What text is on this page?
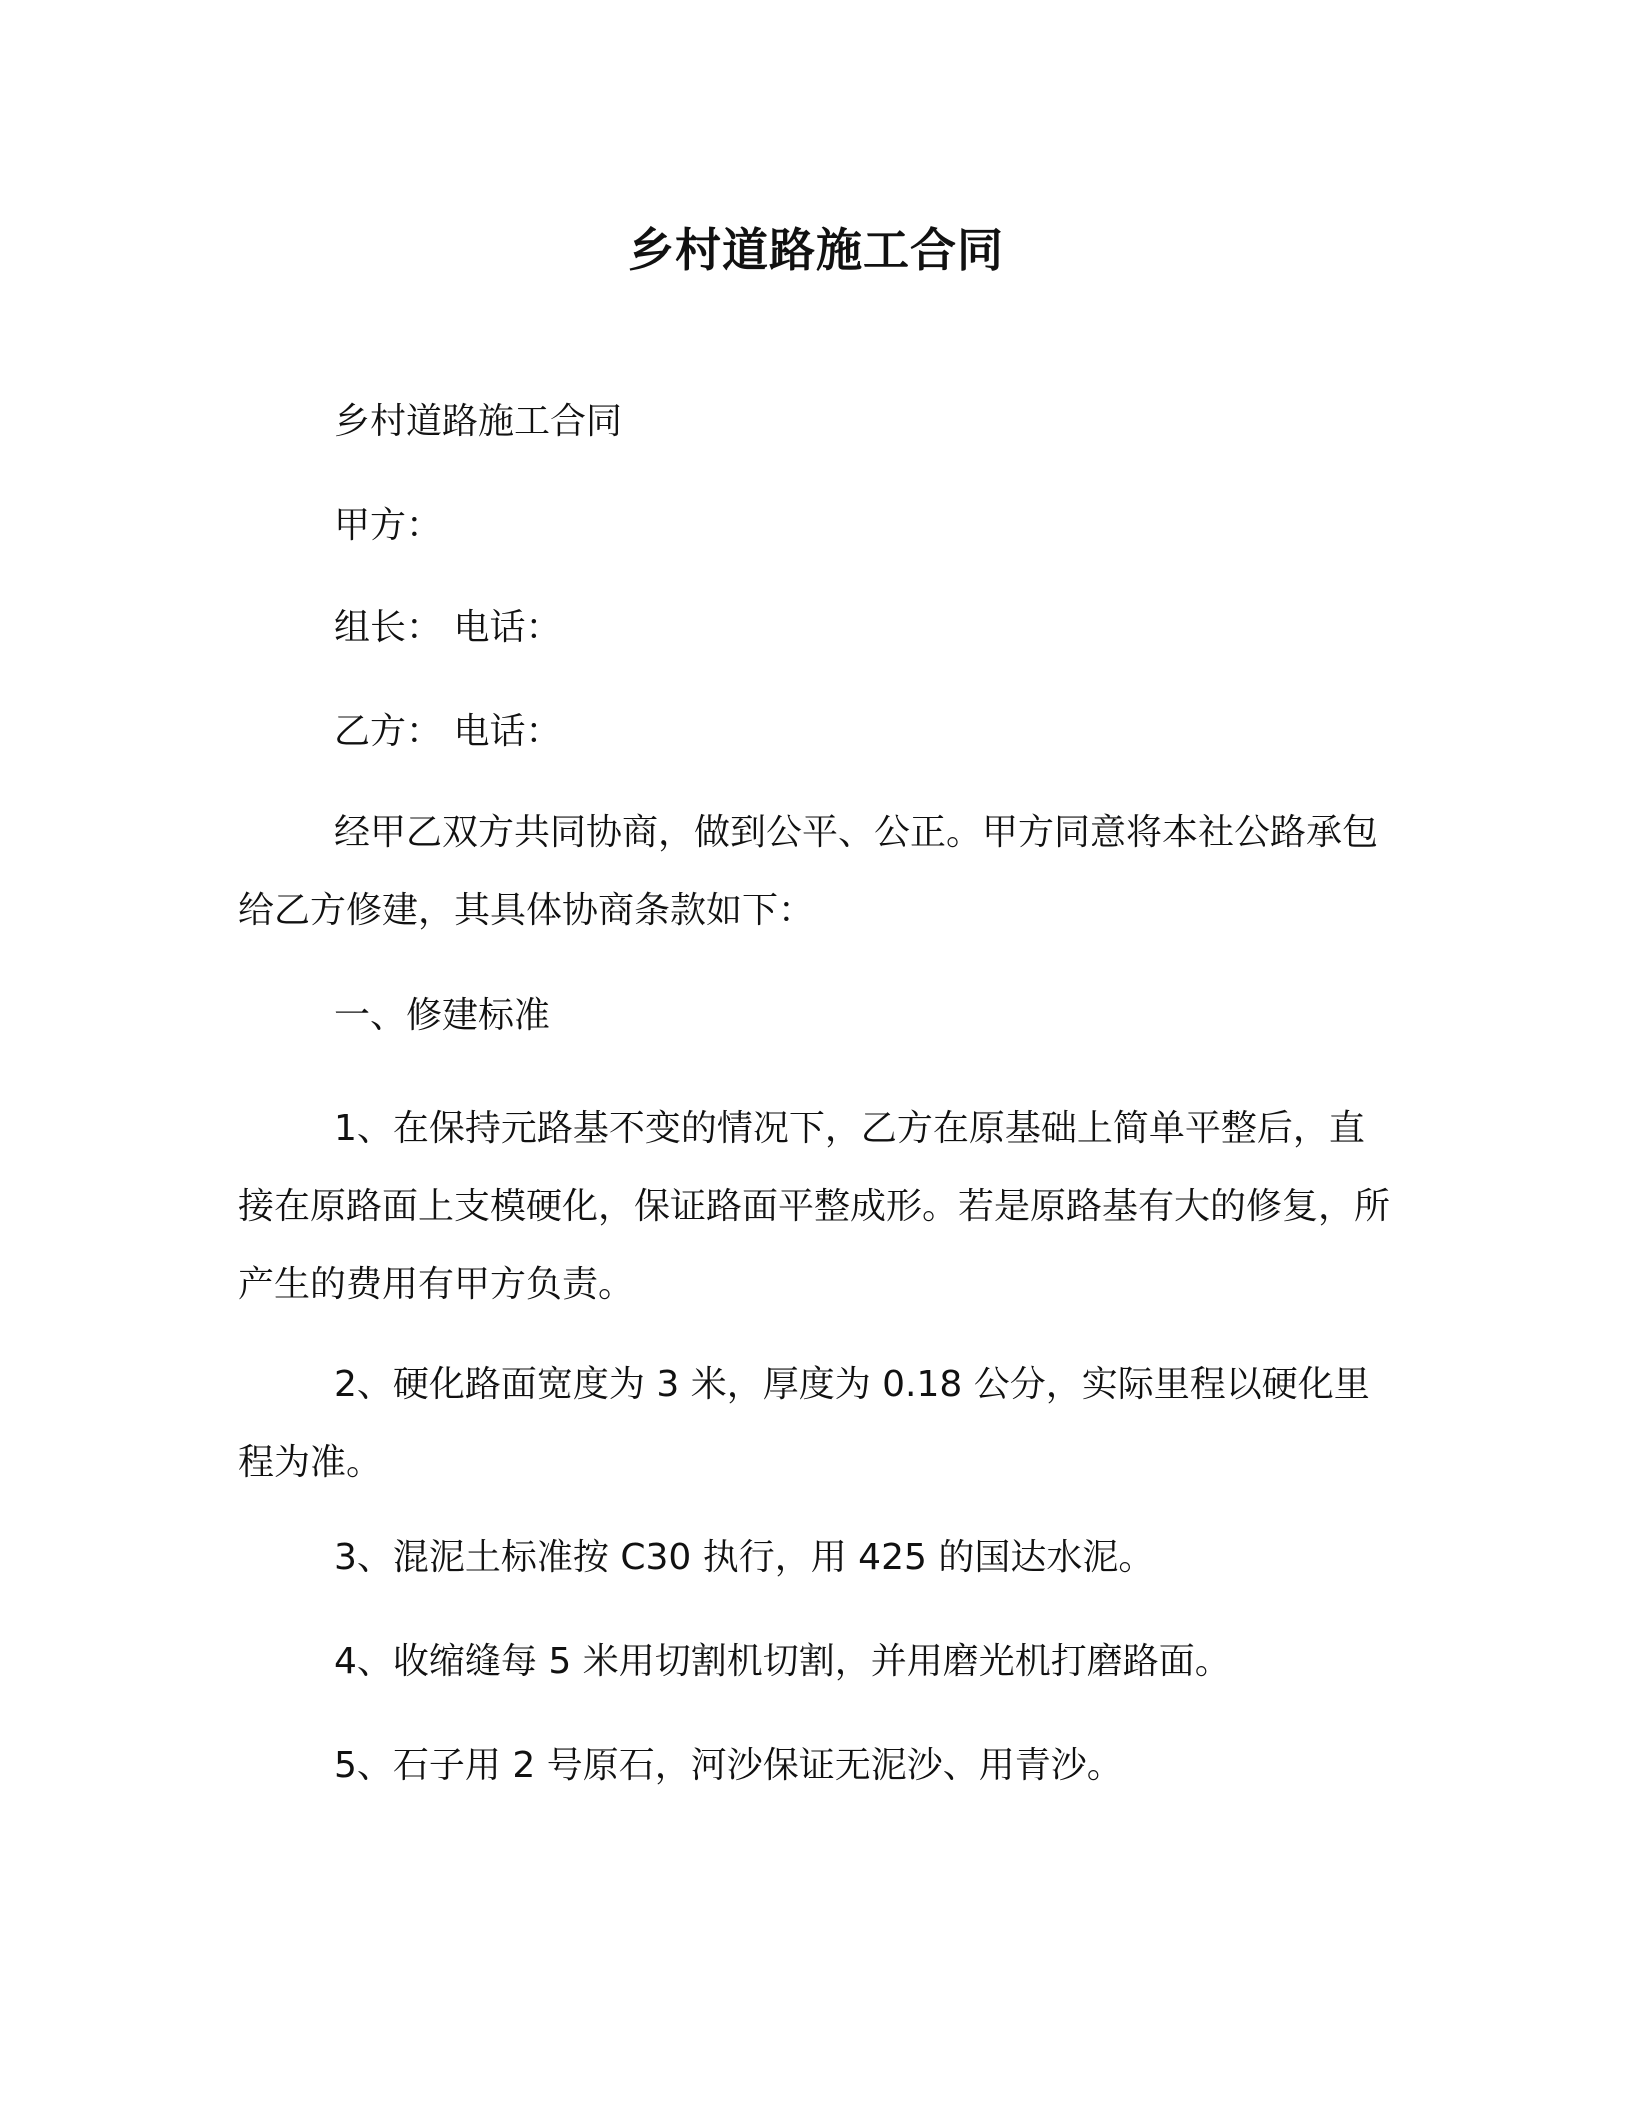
乡村道路施工合同
乡村道路施工合同
甲方：
组长： 电话：
乙方： 电话：

经甲乙双方共同协商，做到公平、公正。甲方同意将本社公路承包给乙方修建，其具体协商条款如下：

一、修建标准

1、在保持元路基不变的情况下，乙方在原基础上简单平整后，直接在原路面上支模硬化，保证路面平整成形。若是原路基有大的修复，所产生的费用有甲方负责。

2、硬化路面宽度为 3 米，厚度为 0.18 公分，实际里程以硬化里程为准。

3、混泥土标准按 C30 执行，用 425 的国达水泥。
4、收缩缝每 5 米用切割机切割，并用磨光机打磨路面。
5、石子用 2 号原石，河沙保证无泥沙、用青沙。
